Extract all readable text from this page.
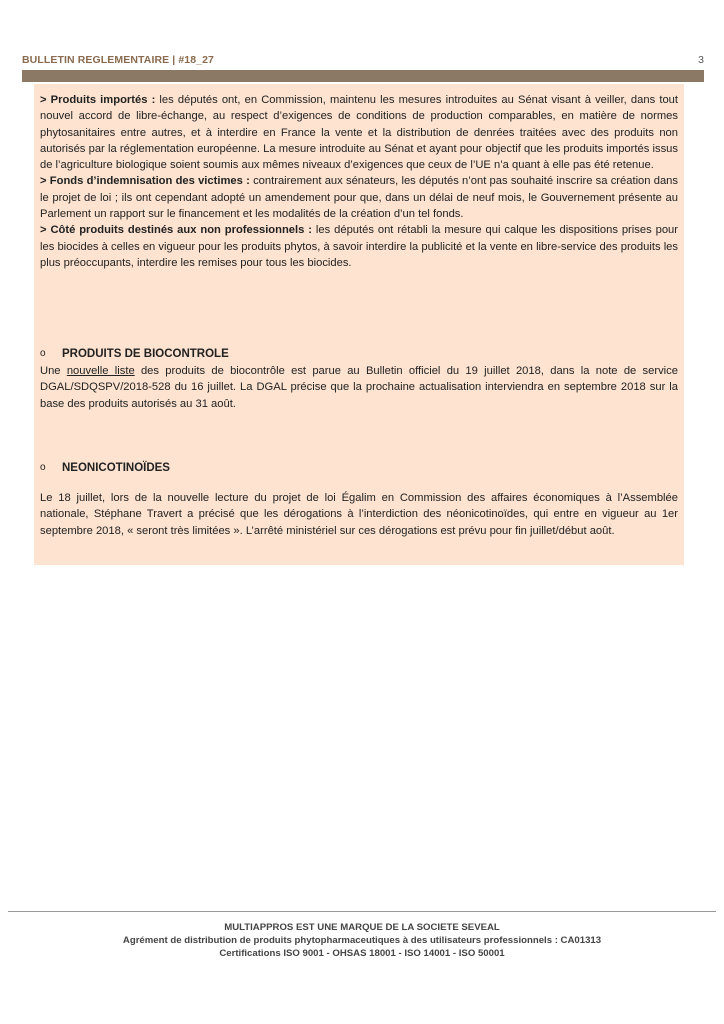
BULLETIN REGLEMENTAIRE | #18_27	3

> Produits importés : les députés ont, en Commission, maintenu les mesures introduites au Sénat visant à veiller, dans tout nouvel accord de libre-échange, au respect d’exigences de conditions de production comparables, en matière de normes phytosanitaires entre autres, et à interdire en France la vente et la distribution de denrées traitées avec des produits non autorisés par la réglementation européenne. La mesure introduite au Sénat et ayant pour objectif que les produits importés issus de l’agriculture biologique soient soumis aux mêmes niveaux d’exigences que ceux de l’UE n’a quant à elle pas été retenue.
> Fonds d’indemnisation des victimes : contrairement aux sénateurs, les députés n’ont pas souhaité inscrire sa création dans le projet de loi ; ils ont cependant adopté un amendement pour que, dans un délai de neuf mois, le Gouvernement présente au Parlement un rapport sur le financement et les modalités de la création d’un tel fonds.
> Côté produits destinés aux non professionnels : les députés ont rétabli la mesure qui calque les dispositions prises pour les biocides à celles en vigueur pour les produits phytos, à savoir interdire la publicité et la vente en libre-service des produits les plus préoccupants, interdire les remises pour tous les biocides.

o PRODUITS DE BIOCONTROLE

Une nouvelle liste des produits de biocontrôle est parue au Bulletin officiel du 19 juillet 2018, dans la note de service DGAL/SDQSPV/2018-528 du 16 juillet. La DGAL précise que la prochaine actualisation interviendra en septembre 2018 sur la base des produits autorisés au 31 août.

o NEONICOTINOÏDES

Le 18 juillet, lors de la nouvelle lecture du projet de loi Égalim en Commission des affaires économiques à l’Assemblée nationale, Stéphane Travert a précisé que les dérogations à l’interdiction des néonicotinoïdes, qui entre en vigueur au 1er septembre 2018, « seront très limitées ». L’arrêté ministériel sur ces dérogations est prévu pour fin juillet/début août.

MULTIAPPROS EST UNE MARQUE DE LA SOCIETE SEVEAL
Agrément de distribution de produits phytopharmaceutiques à des utilisateurs professionnels : CA01313
Certifications ISO 9001 - OHSAS 18001 - ISO 14001 - ISO 50001
